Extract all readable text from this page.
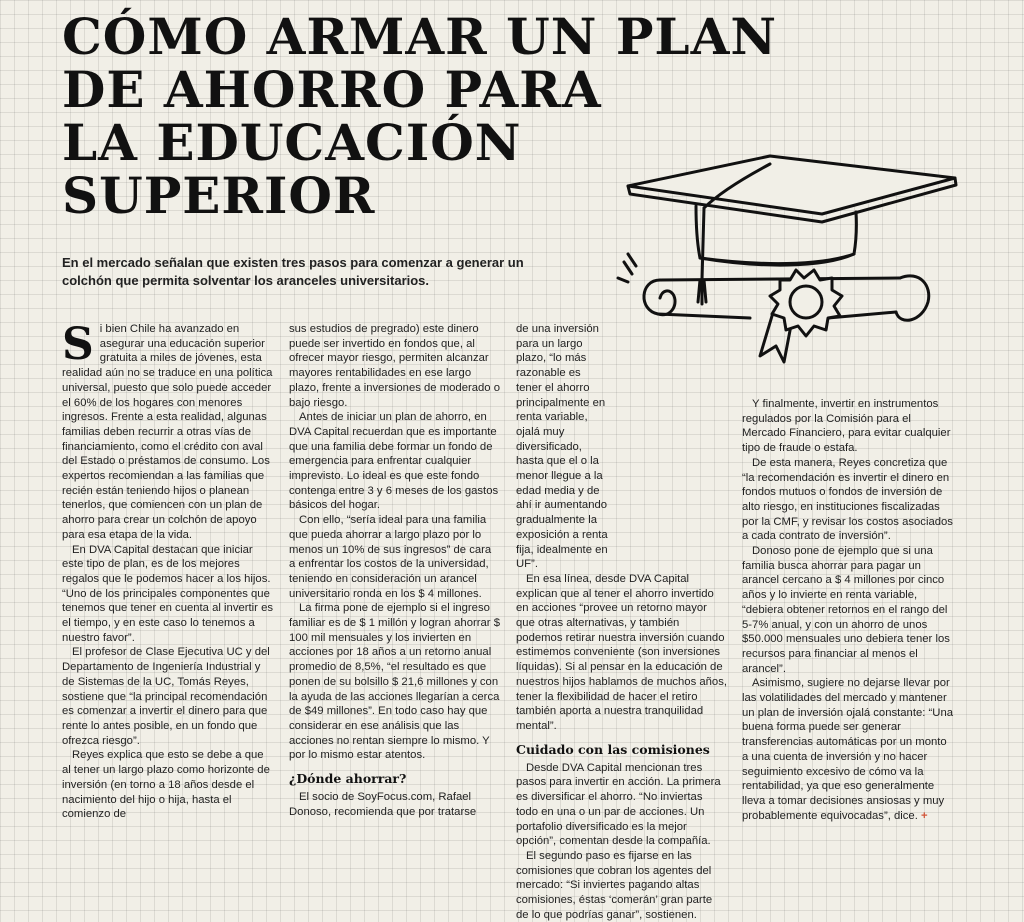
CÓMO ARMAR UN PLAN
DE AHORRO PARA
LA EDUCACIÓN
SUPERIOR

En el mercado señalan que existen tres pasos para comenzar a generar un colchón que permita solventar los aranceles universitarios.

Si bien Chile ha avanzado en asegurar una educación superior gratuita a miles de jóvenes, esta realidad aún no se traduce en una política universal, puesto que solo puede acceder el 60% de los hogares con menores ingresos. Frente a esta realidad, algunas familias deben recurrir a otras vías de financiamiento, como el crédito con aval del Estado o préstamos de consumo. Los expertos recomiendan a las familias que recién están teniendo hijos o planean tenerlos, que comiencen con un plan de ahorro para crear un colchón de apoyo para esa etapa de la vida.

En DVA Capital destacan que iniciar este tipo de plan, es de los mejores regalos que le podemos hacer a los hijos. “Uno de los principales componentes que tenemos que tener en cuenta al invertir es el tiempo, y en este caso lo tenemos a nuestro favor”.

El profesor de Clase Ejecutiva UC y del Departamento de Ingeniería Industrial y de Sistemas de la UC, Tomás Reyes, sostiene que “la principal recomendación es comenzar a invertir el dinero para que rente lo antes posible, en un fondo que ofrezca riesgo”.

Reyes explica que esto se debe a que al tener un largo plazo como horizonte de inversión (en torno a 18 años desde el nacimiento del hijo o hija, hasta el comienzo de

sus estudios de pregrado) este dinero puede ser invertido en fondos que, al ofrecer mayor riesgo, permiten alcanzar mayores rentabilidades en ese largo plazo, frente a inversiones de moderado o bajo riesgo.

Antes de iniciar un plan de ahorro, en DVA Capital recuerdan que es importante que una familia debe formar un fondo de emergencia para enfrentar cualquier imprevisto. Lo ideal es que este fondo contenga entre 3 y 6 meses de los gastos básicos del hogar.

Con ello, “sería ideal para una familia que pueda ahorrar a largo plazo por lo menos un 10% de sus ingresos” de cara a enfrentar los costos de la universidad, teniendo en consideración un arancel universitario ronda en los $ 4 millones.

La firma pone de ejemplo si el ingreso familiar es de $ 1 millón y logran ahorrar $ 100 mil mensuales y los invierten en acciones por 18 años a un retorno anual promedio de 8,5%, “el resultado es que ponen de su bolsillo $ 21,6 millones y con la ayuda de las acciones llegarían a cerca de $49 millones”. En todo caso hay que considerar en ese análisis que las acciones no rentan siempre lo mismo. Y por lo mismo estar atentos.

¿Dónde ahorrar?

El socio de SoyFocus.com, Rafael Donoso, recomienda que por tratarse

de una inversión para un largo plazo, “lo más razonable es tener el ahorro principalmente en renta variable, ojalá muy diversificado, hasta que el o la menor llegue a la edad media y de ahí ir aumentando gradualmente la exposición a renta fija, idealmente en UF”.

En esa línea, desde DVA Capital explican que al tener el ahorro invertido en acciones “provee un retorno mayor que otras alternativas, y también podemos retirar nuestra inversión cuando estimemos conveniente (son inversiones líquidas). Si al pensar en la educación de nuestros hijos hablamos de muchos años, tener la flexibilidad de hacer el retiro también aporta a nuestra tranquilidad mental”.

Cuidado con las comisiones

Desde DVA Capital mencionan tres pasos para invertir en acción. La primera es diversificar el ahorro. “No inviertas todo en una o un par de acciones. Un portafolio diversificado es la mejor opción”, comentan desde la compañía.

El segundo paso es fijarse en las comisiones que cobran los agentes del mercado: “Si inviertes pagando altas comisiones, éstas ‘comerán’ gran parte de lo que podrías ganar”, sostienen.

Y finalmente, invertir en instrumentos regulados por la Comisión para el Mercado Financiero, para evitar cualquier tipo de fraude o estafa.

De esta manera, Reyes concretiza que “la recomendación es invertir el dinero en fondos mutuos o fondos de inversión de alto riesgo, en instituciones fiscalizadas por la CMF, y revisar los costos asociados a cada contrato de inversión”.

Donoso pone de ejemplo que si una familia busca ahorrar para pagar un arancel cercano a $ 4 millones por cinco años y lo invierte en renta variable, “debiera obtener retornos en el rango del 5-7% anual, y con un ahorro de unos $50.000 mensuales uno debiera tener los recursos para financiar al menos el arancel”.

Asimismo, sugiere no dejarse llevar por las volatilidades del mercado y mantener un plan de inversión ojalá constante: “Una buena forma puede ser generar transferencias automáticas por un monto a una cuenta de inversión y no hacer seguimiento excesivo de cómo va la rentabilidad, ya que eso generalmente lleva a tomar decisiones ansiosas y muy probablemente equivocadas”, dice. +
